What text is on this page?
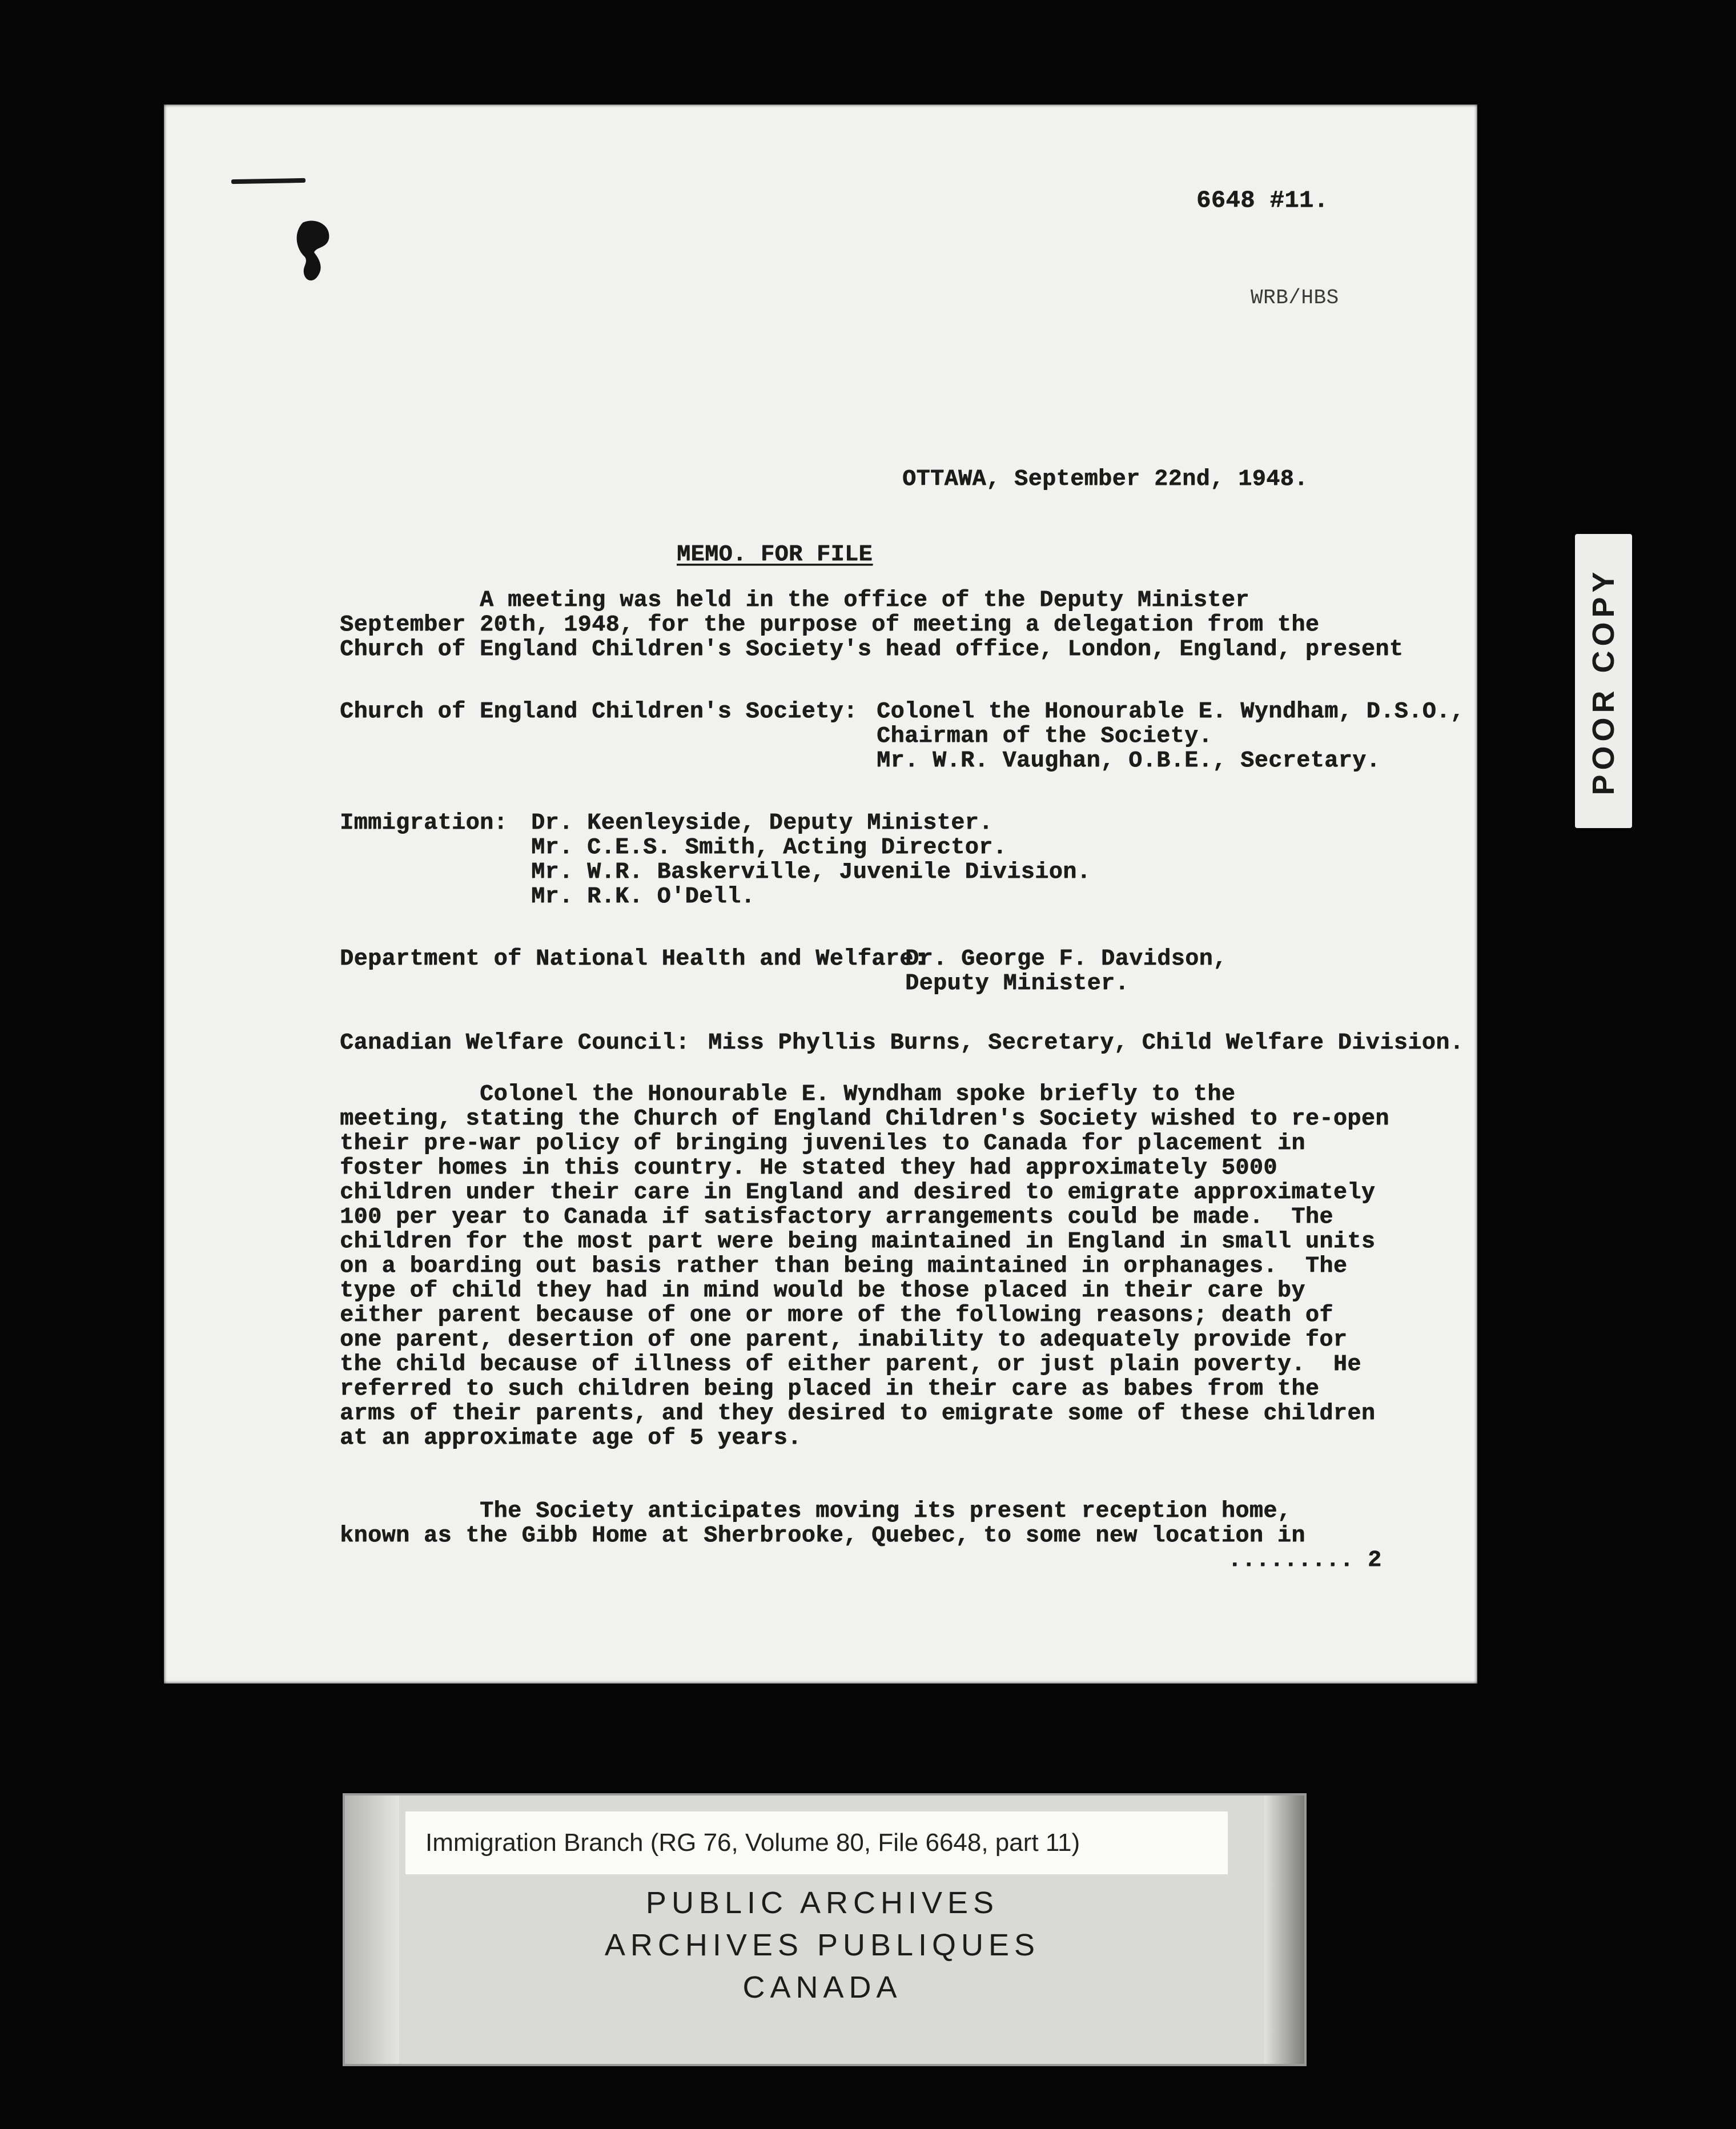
6648 #11.
WRB/HBS
OTTAWA, September 22nd, 1948.
MEMO. FOR FILE
A meeting was held in the office of the Deputy Minister
September 20th, 1948, for the purpose of meeting a delegation from the
Church of England Children's Society's head office, London, England, present
Church of England Children's Society: Colonel the Honourable E. Wyndham, D.S.O.,
Chairman of the Society.
Mr. W.R. Vaughan, O.B.E., Secretary.
Immigration: Dr. Keenleyside, Deputy Minister.
Mr. C.E.S. Smith, Acting Director.
Mr. W.R. Baskerville, Juvenile Division.
Mr. R.K. O'Dell.
Department of National Health and Welfare:
Dr. George F. Davidson,
Deputy Minister.
Canadian Welfare Council: Miss Phyllis Burns, Secretary, Child Welfare Division.
Colonel the Honourable E. Wyndham spoke briefly to the
meeting, stating the Church of England Children's Society wished to re-open
their pre-war policy of bringing juveniles to Canada for placement in
foster homes in this country. He stated they had approximately 5000
children under their care in England and desired to emigrate approximately
100 per year to Canada if satisfactory arrangements could be made.  The
children for the most part were being maintained in England in small units
on a boarding out basis rather than being maintained in orphanages.  The
type of child they had in mind would be those placed in their care by
either parent because of one or more of the following reasons; death of
one parent, desertion of one parent, inability to adequately provide for
the child because of illness of either parent, or just plain poverty.  He
referred to such children being placed in their care as babes from the
arms of their parents, and they desired to emigrate some of these children
at an approximate age of 5 years.
The Society anticipates moving its present reception home,
known as the Gibb Home at Sherbrooke, Quebec, to some new location in
......... 2
POOR COPY
Immigration Branch (RG 76, Volume 80, File 6648, part 11)
PUBLIC ARCHIVES
ARCHIVES PUBLIQUES
CANADA
